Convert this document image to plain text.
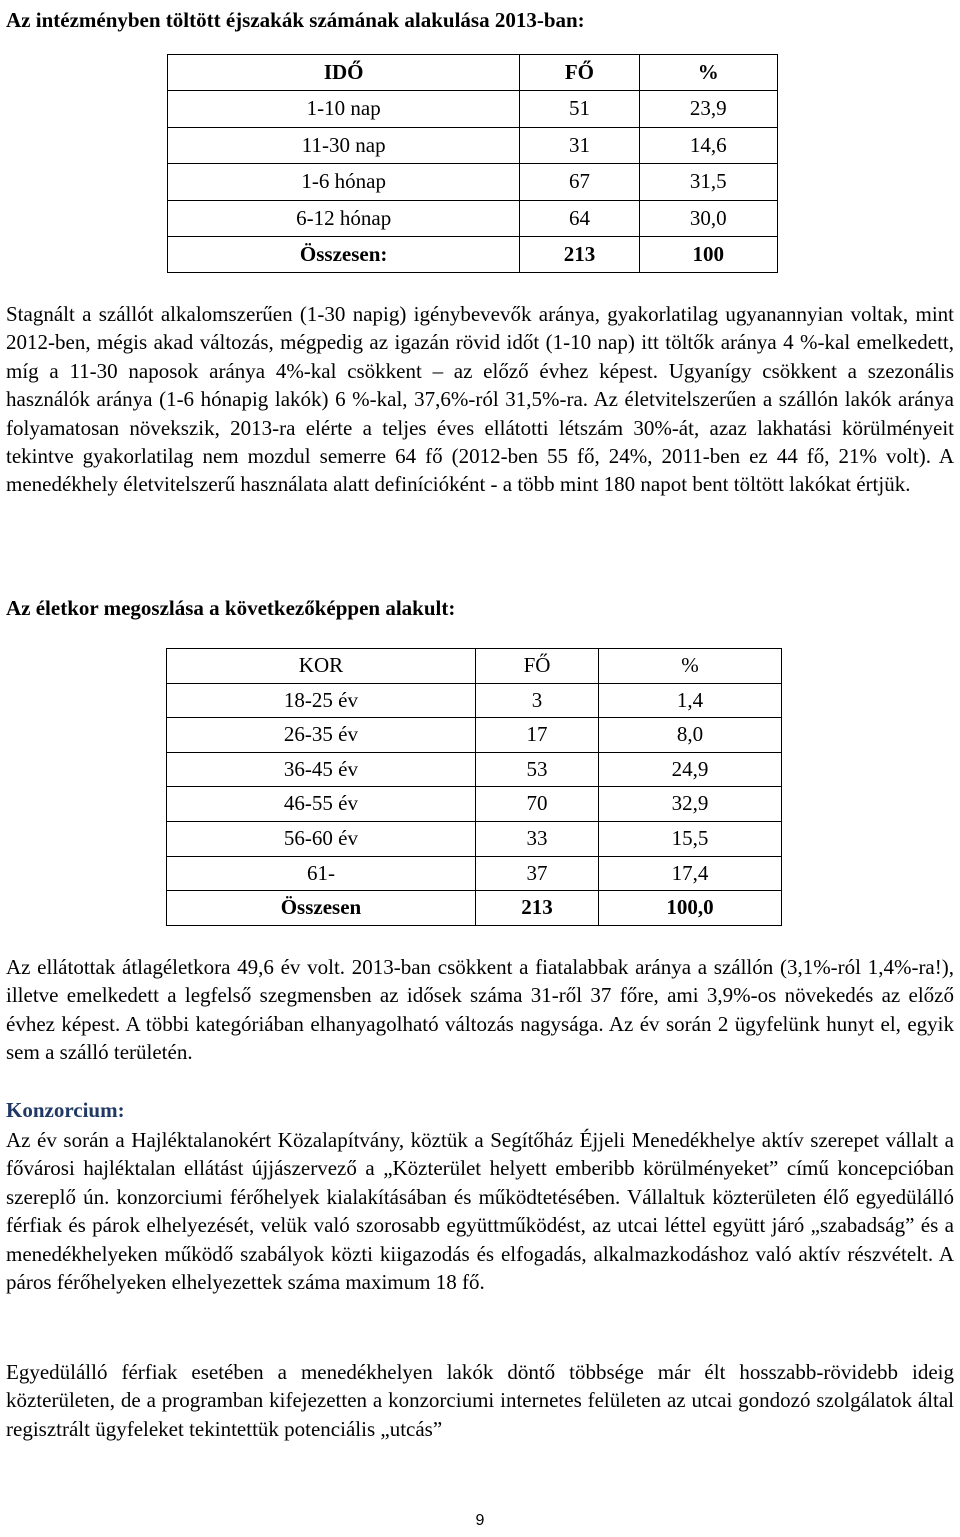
Az intézményben töltött éjszakák számának alakulása 2013-ban:
IDŐ	FŐ	%
1-10 nap	51	23,9
11-30 nap	31	14,6
1-6 hónap	67	31,5
6-12 hónap	64	30,0
Összesen:	213	100

Stagnált a szállót alkalomszerűen (1-30 napig) igénybevevők aránya, gyakorlatilag ugyanannyian voltak, mint 2012-ben, mégis akad változás, mégpedig az igazán rövid időt (1-10 nap) itt töltők aránya 4 %-kal emelkedett, míg a 11-30 naposok aránya 4%-kal csökkent – az előző évhez képest. Ugyanígy csökkent a szezonális használók aránya (1-6 hónapig lakók) 6 %-kal, 37,6%-ról 31,5%-ra. Az életvitelszerűen a szállón lakók aránya folyamatosan növekszik, 2013-ra elérte a teljes éves ellátotti létszám 30%-át, azaz lakhatási körülményeit tekintve gyakorlatilag nem mozdul semerre 64 fő (2012-ben 55 fő, 24%, 2011-ben ez 44 fő, 21% volt). A menedékhely életvitelszerű használata alatt definícióként - a több mint 180 napot bent töltött lakókat értjük.

Az életkor megoszlása a következőképpen alakult:
KOR	FŐ	%
18-25 év	3	1,4
26-35 év	17	8,0
36-45 év	53	24,9
46-55 év	70	32,9
56-60 év	33	15,5
61-	37	17,4
Összesen	213	100,0

Az ellátottak átlagéletkora 49,6 év volt. 2013-ban csökkent a fiatalabbak aránya a szállón (3,1%-ról 1,4%-ra!), illetve emelkedett a legfelső szegmensben az idősek száma 31-ről 37 főre, ami 3,9%-os növekedés az előző évhez képest. A többi kategóriában elhanyagolható változás nagysága. Az év során 2 ügyfelünk hunyt el, egyik sem a szálló területén.

Konzorcium:

Az év során a Hajléktalanokért Közalapítvány, köztük a Segítőház Éjjeli Menedékhelye aktív szerepet vállalt a fővárosi hajléktalan ellátást újjászervező a „Közterület helyett emberibb körülményeket” című koncepcióban szereplő ún. konzorciumi férőhelyek kialakításában és működtetésében. Vállaltuk közterületen élő egyedülálló férfiak és párok elhelyezését, velük való szorosabb együttműködést, az utcai léttel együtt járó „szabadság” és a menedékhelyeken működő szabályok közti kiigazodás és elfogadás, alkalmazkodáshoz való aktív részvételt. A páros férőhelyeken elhelyezettek száma maximum 18 fő.

Egyedülálló férfiak esetében a menedékhelyen lakók döntő többsége már élt hosszabb-rövidebb ideig közterületen, de a programban kifejezetten a konzorciumi internetes felületen az utcai gondozó szolgálatok által regisztrált ügyfeleket tekintettük potenciális „utcás”

9
